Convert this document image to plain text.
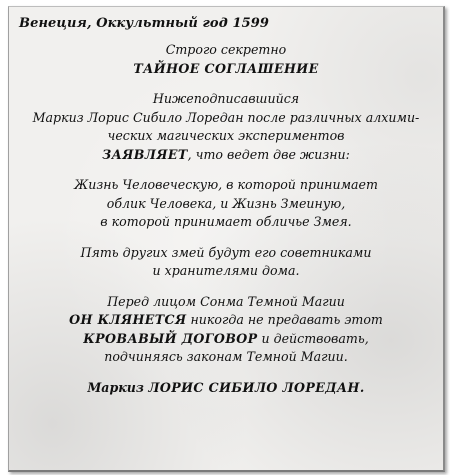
Венеция, Оккультный год 1599
Строго секретно
ТАЙНОЕ СОГЛАШЕНИЕ
Нижеподписавшийся
Маркиз Лорис Сибило Лоредан после различных алхими-
ческих магических экспериментов
ЗАЯВЛЯЕТ, что ведет две жизни:
Жизнь Человеческую, в которой принимает
облик Человека, и Жизнь Змеиную,
в которой принимает обличье Змея.
Пять других змей будут его советниками
и хранителями дома.
Перед лицом Сонма Темной Магии
ОН КЛЯНЕТСЯ никогда не предавать этот
КРОВАВЫЙ ДОГОВОР и действовать,
подчиняясь законам Темной Магии.
Маркиз ЛОРИС СИБИЛО ЛОРЕДАН.
